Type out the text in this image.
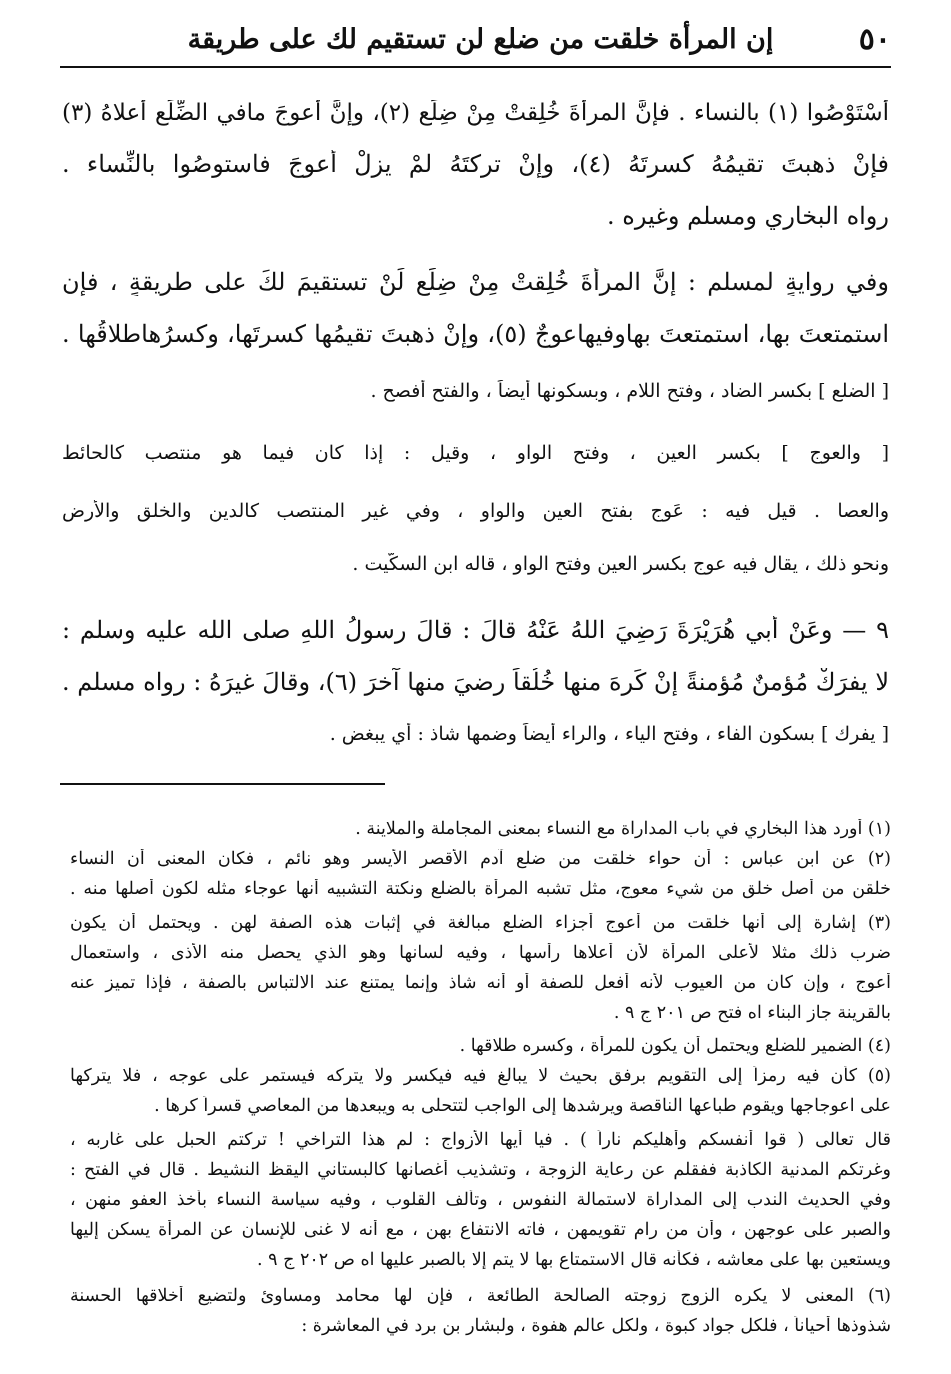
٥٠
إن المرأة خلقت من ضلع لن تستقيم لك على طريقة
أَسْتَوْصُوا (١) بالنساء . فإنَّ المرأةَ خُلِقتْ مِنْ ضِلَعٍ (٢)، وإنَّ أعوجَ مافي الضِّلَعِ أعلاهُ (٣)
فإنْ ذهبتَ تقيمُهُ كسرتَهُ (٤)، وإنْ تركتَهُ لمْ يزلْ أعوجَ فاستوصُوا بالنِّساء .
رواه البخاري ومسلم وغيره .
وفي روايةٍ لمسلمٍ : إنَّ المرأةَ خُلِقتْ مِنْ ضِلَعٍ لَنْ تستقيمَ لكَ على طريقةٍ ، فإنِ
استمتعتَ بها، استمتعتَ بهاوفيهاعوجٌ (٥)، وإنْ ذهبتَ تقيمُها كسرتَها، وكسرُهاطلاقُها .
[ الضلع ] بكسر الضاد ، وفتح اللام ، وبسكونها أيضاً ، والفتح أفصح .
[ والعوج ] بكسر العين ، وفتح الواو ، وقيل : إذا كان فيما هو منتصب كالحائط
والعصا . قيل فيه : عَوج بفتح العين والواو ، وفي غير المنتصب كالدين والخلق والأرض
ونحو ذلك ، يقال فيه عوج بكسر العين وفتح الواو ، قاله ابن السكّيت .
٩ — وعَنْ أبي هُرَيْرَةَ رَضِيَ اللهُ عَنْهُ قالَ : قالَ رسولُ اللهِ صلى الله عليه وسلم :
لا يفرَكْ مُؤمنٌ مُؤمنةً إنْ كَرِهَ منها خُلُقاً رضيَ منها آخرَ (٦)، وقالَ غيرَهُ : رواه مسلم .
[ يفرك ] بسكون الفاء ، وفتح الياء ، والراء أيضاً وضمها شاذ : أي يبغض .
(١) أورد هذا البخاري في باب المداراة مع النساء بمعنى المجاملة والملاينة .
(٢) عن ابن عباس : أن حواء خلقت من ضلع آدم الأقصر الأيسر وهو نائم ، فكان المعنى أن النساء
خلقن من أصل خلق من شيء معوج، مثل تشبه المرأة بالضلع ونكتة التشبيه أنها عوجاء مثله لكون أصلها منه .
(٣) إشارة إلى أنها خلقت من أعوج أجزاء الضلع مبالغة في إثبات هذه الصفة لهن . ويحتمل أن يكون
ضرب ذلك مثلا لأعلى المرأة لأن أعلاها رأسها ، وفيه لسانها وهو الذي يحصل منه الأذى ، واستعمال
أعوج ، وإن كان من العيوب لأنه أفعل للصفة أو أنه شاذ وإنما يمتنع عند الالتباس بالصفة ، فإذا تميز عنه
بالقرينة جاز البناء اه فتح ص ٢٠١ ج ٩ .
(٤) الضمير للضلع ويحتمل أن يكون للمرأة ، وكسره طلاقها .
(٥) كأن فيه رمزاً إلى التقويم برفق بحيث لا يبالغ فيه فيكسر ولا يتركه فيستمر على عوجه ، فلا يتركها
على اعوجاجها ويقوم طباعها الناقصة ويرشدها إلى الواجب لتتحلى به ويبعدها من المعاصي قسراً كرها .
قال تعالى ( قوا أنفسكم وأهليكم ناراً ) . فيا أيها الأزواج : لم هذا التراخي ! تركتم الحبل على غاربه ،
وغرتكم المدنية الكاذبة ففقلم عن رعاية الزوجة ، وتشذيب أغصانها كالبستاني اليقظ النشيط . قال في الفتح :
وفي الحديث الندب إلى المداراة لاستمالة النفوس ، وتألف القلوب ، وفيه سياسة النساء بأخذ العفو منهن ،
والصبر على عوجهن ، وأن من رام تقويمهن ، فاته الانتفاع بهن ، مع أنه لا غنى للإنسان عن المرأة يسكن إليها
ويستعين بها على معاشه ، فكأنه قال الاستمتاع بها لا يتم إلا بالصبر عليها اه ص ٢٠٢ ج ٩ .
(٦) المعنى لا يكره الزوج زوجته الصالحة الطائعة ، فإن لها محامد ومساوئ ولتضيع أخلاقها الحسنة
شذوذها أحياناً ، فلكل جواد كبوة ، ولكل عالم هفوة ، ولبشار بن برد في المعاشرة :
